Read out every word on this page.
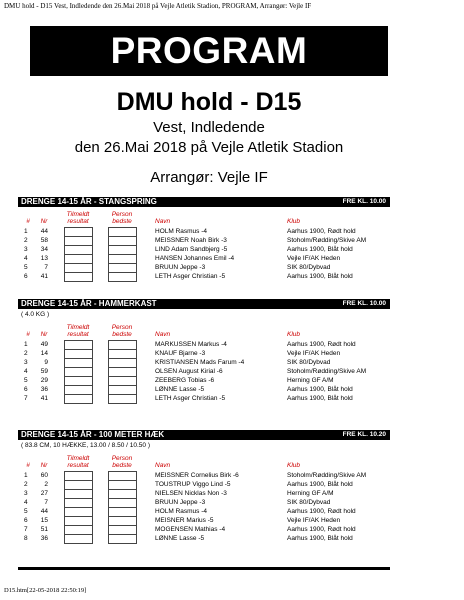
DMU hold - D15 Vest, Indledende den 26.Mai 2018 på Vejle Atletik Stadion, PROGRAM, Arrangør: Vejle IF
PROGRAM
DMU hold - D15
Vest, Indledende
den 26.Mai 2018 på Vejle Atletik Stadion
Arrangør: Vejle IF
DRENGE 14-15 ÅR - STANGSPRING	FRE KL. 10.00
#	Nr
Tilmeldt
resultat
Person
bedste	Navn	Klub
1	44	HOLM Rasmus -4	Aarhus 1900, Rødt hold
2	58	MEISSNER Noah Birk -3	Stoholm/Rødding/Skive AM
3	34	LIND Adam Sandbjerg -5	Aarhus 1900, Blåt hold
4	13	HANSEN Johannes Emil -4	Vejle IF/AK Heden
5	7	BRUUN Jeppe -3	SIK 80/Dybvad
6	41	LETH Asger Christian -5	Aarhus 1900, Blåt hold
DRENGE 14-15 ÅR - HAMMERKAST	FRE KL. 10.00
( 4.0 KG )
#	Nr
Tilmeldt
resultat
Person
bedste	Navn	Klub
1	49	MARKUSSEN Markus -4	Aarhus 1900, Rødt hold
2	14	KNAUF Bjarne -3	Vejle IF/AK Heden
3	9	KRISTIANSEN Mads Farum -4	SIK 80/Dybvad
4	59	OLSEN August Kirial -6	Stoholm/Rødding/Skive AM
5	29	ZEEBERG Tobias -6	Herning GF A/M
6	36	LØNNE Lasse -5	Aarhus 1900, Blåt hold
7	41	LETH Asger Christian -5	Aarhus 1900, Blåt hold
DRENGE 14-15 ÅR - 100 METER HÆK	FRE KL. 10.20
( 83.8 CM, 10 HÆKKE, 13.00 / 8.50 / 10.50 )
#	Nr
Tilmeldt
resultat
Person
bedste	Navn	Klub
1	60	MEISSNER Cornelius Birk -6	Stoholm/Rødding/Skive AM
2	2	TOUSTRUP Viggo Lind -5	Aarhus 1900, Blåt hold
3	27	NIELSEN Nicklas Non -3	Herning GF A/M
4	7	BRUUN Jeppe -3	SIK 80/Dybvad
5	44	HOLM Rasmus -4	Aarhus 1900, Rødt hold
6	15	MEISNER Marius -5	Vejle IF/AK Heden
7	51	MOGENSEN Mathias -4	Aarhus 1900, Rødt hold
8	36	LØNNE Lasse -5	Aarhus 1900, Blåt hold
D15.htm[22-05-2018 22:50:19]
